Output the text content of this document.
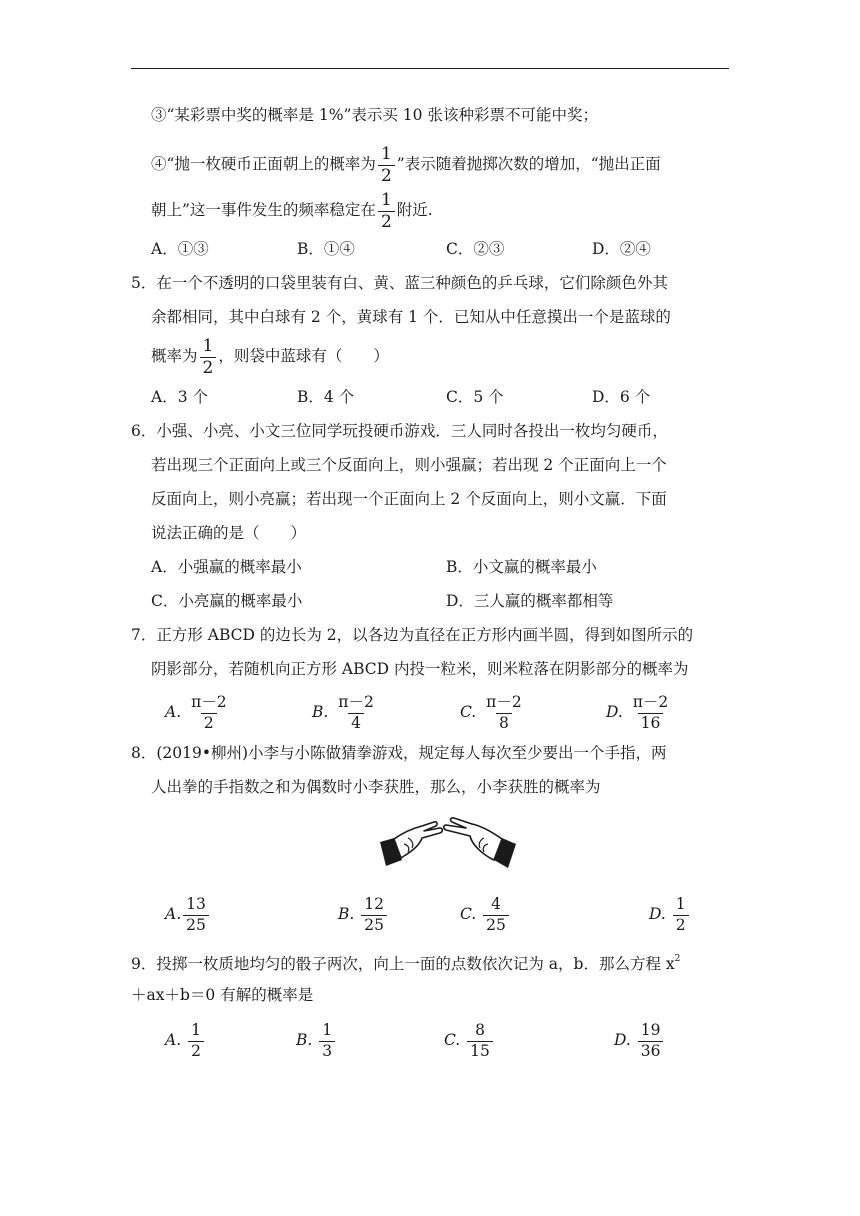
③“某彩票中奖的概率是 1%”表示买 10 张该种彩票不可能中奖；
④“抛一枚硬币正面朝上的概率为 $\frac{1}{2}$ ”表示随着抛掷次数的增加，“抛出正面
朝上”这一事件发生的频率稳定在 $\frac{1}{2}$ 附近.
A．①③	B．①④	C．②③	D．②④
5．在一个不透明的口袋里装有白、黄、蓝三种颜色的乒乓球，它们除颜色外其
余都相同，其中白球有 2 个，黄球有 1 个．已知从中任意摸出一个是蓝球的
概率为 $\frac{1}{2}$ ，则袋中蓝球有（　　）
A．3 个	B．4 个	C．5 个	D．6 个
6．小强、小亮、小文三位同学玩投硬币游戏．三人同时各投出一枚均匀硬币，
若出现三个正面向上或三个反面向上，则小强赢；若出现 2 个正面向上一个
反面向上，则小亮赢；若出现一个正面向上 2 个反面向上，则小文赢．下面
说法正确的是（　　）
A．小强赢的概率最小	B．小文赢的概率最小
C．小亮赢的概率最小	D．三人赢的概率都相等
7．正方形 ABCD 的边长为 2，以各边为直径在正方形内画半圆，得到如图所示的
阴影部分，若随机向正方形 ABCD 内投一粒米，则米粒落在阴影部分的概率为
A. $\frac{\pi-2}{2}$	B. $\frac{\pi-2}{4}$	C. $\frac{\pi-2}{8}$	D. $\frac{\pi-2}{16}$
8．(2019•柳州)小李与小陈做猜拳游戏，规定每人每次至少要出一个手指，两
人出拳的手指数之和为偶数时小李获胜，那么，小李获胜的概率为
A. $\frac{13}{25}$	B. $\frac{12}{25}$	C. $\frac{4}{25}$	D. $\frac{1}{2}$
9．投掷一枚质地均匀的骰子两次，向上一面的点数依次记为 a，b．那么方程 $x^2$
＋ax＋b＝0 有解的概率是
A. $\frac{1}{2}$	B. $\frac{1}{3}$	C. $\frac{8}{15}$	D. $\frac{19}{36}$
